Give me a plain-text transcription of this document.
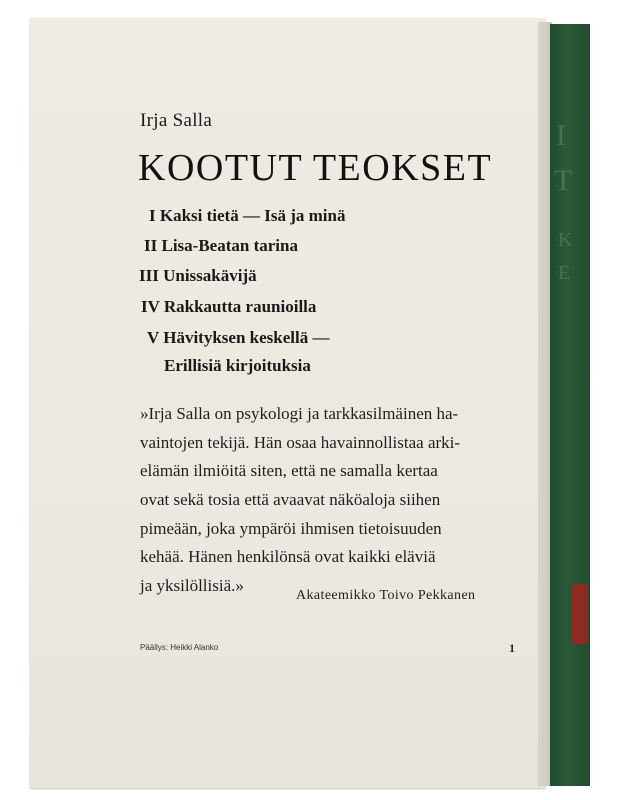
Irja Salla
KOOTUT TEOKSET
I Kaksi tietä — Isä ja minä
II Lisa-Beatan tarina
III Unissakävijä
IV Rakkautta raunioilla
V Hävityksen keskellä —
Erillisiä kirjoituksia
»Irja Salla on psykologi ja tarkkasilmäinen ha-
vaintojen tekijä. Hän osaa havainnollistaa arki-
elämän ilmiöitä siten, että ne samalla kertaa
ovat sekä tosia että avaavat näköaloja siihen
pimeään, joka ympäröi ihmisen tietoisuuden
kehää. Hänen henkilönsä ovat kaikki eläviä
ja yksilöllisiä.»
Akateemikko Toivo Pekkanen
Päällys: Heikki Alanko	1
I
T
K
E
